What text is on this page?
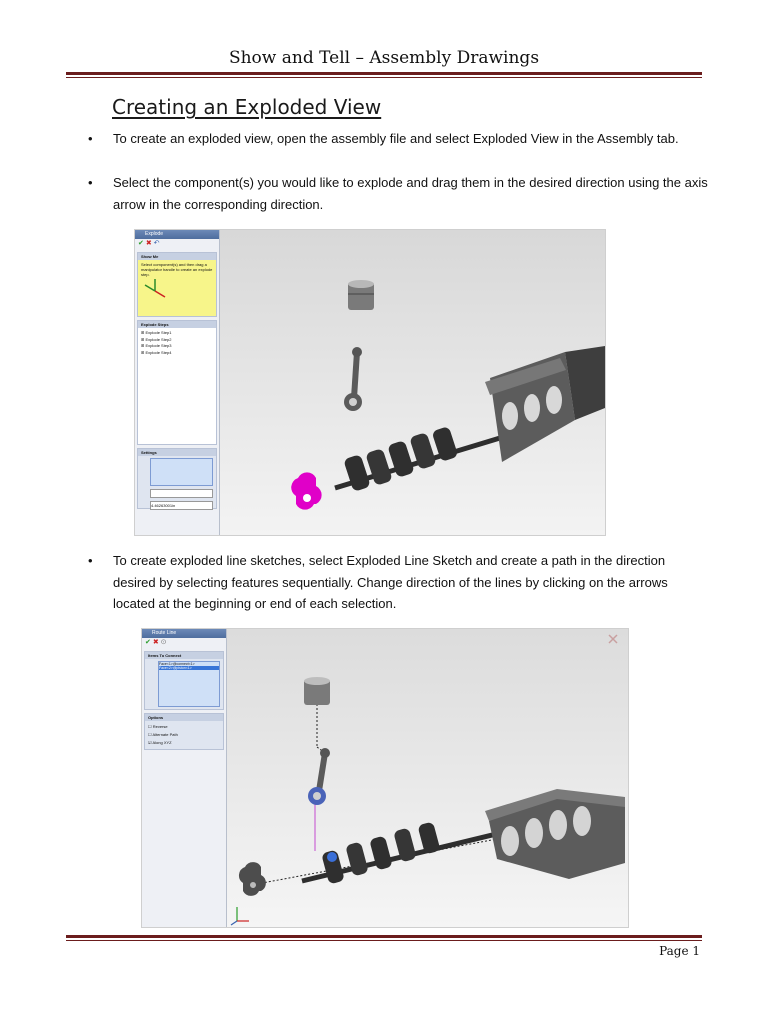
Show and Tell – Assembly Drawings
Creating an Exploded View
• To create an exploded view, open the assembly file and select Exploded View in the Assembly tab.
• Select the component(s) you would like to explode and drag them in the desired direction using the axis arrow in the corresponding direction.
Explode
✔ ✖ ↶
Show Me
Select component(s) and then drag a manipulator handle to create an explode step.
Explode Steps
⊞ Explode Step1
⊞ Explode Step2
⊞ Explode Step3
⊞ Explode Step4
Settings
4.46263001in
• To create exploded line sketches, select Exploded Line Sketch and create a path in the direction desired by selecting features sequentially. Change direction of the lines by clicking on the arrows located at the beginning or end of each selection.
Route Line
✔ ✖ ⊙
Items To Connect
Face<1>@connect<1>
Face<2>@piston<1>
Options
☐ Reverse
☐ Alternate Path
☑ Along XYZ
Page 1
